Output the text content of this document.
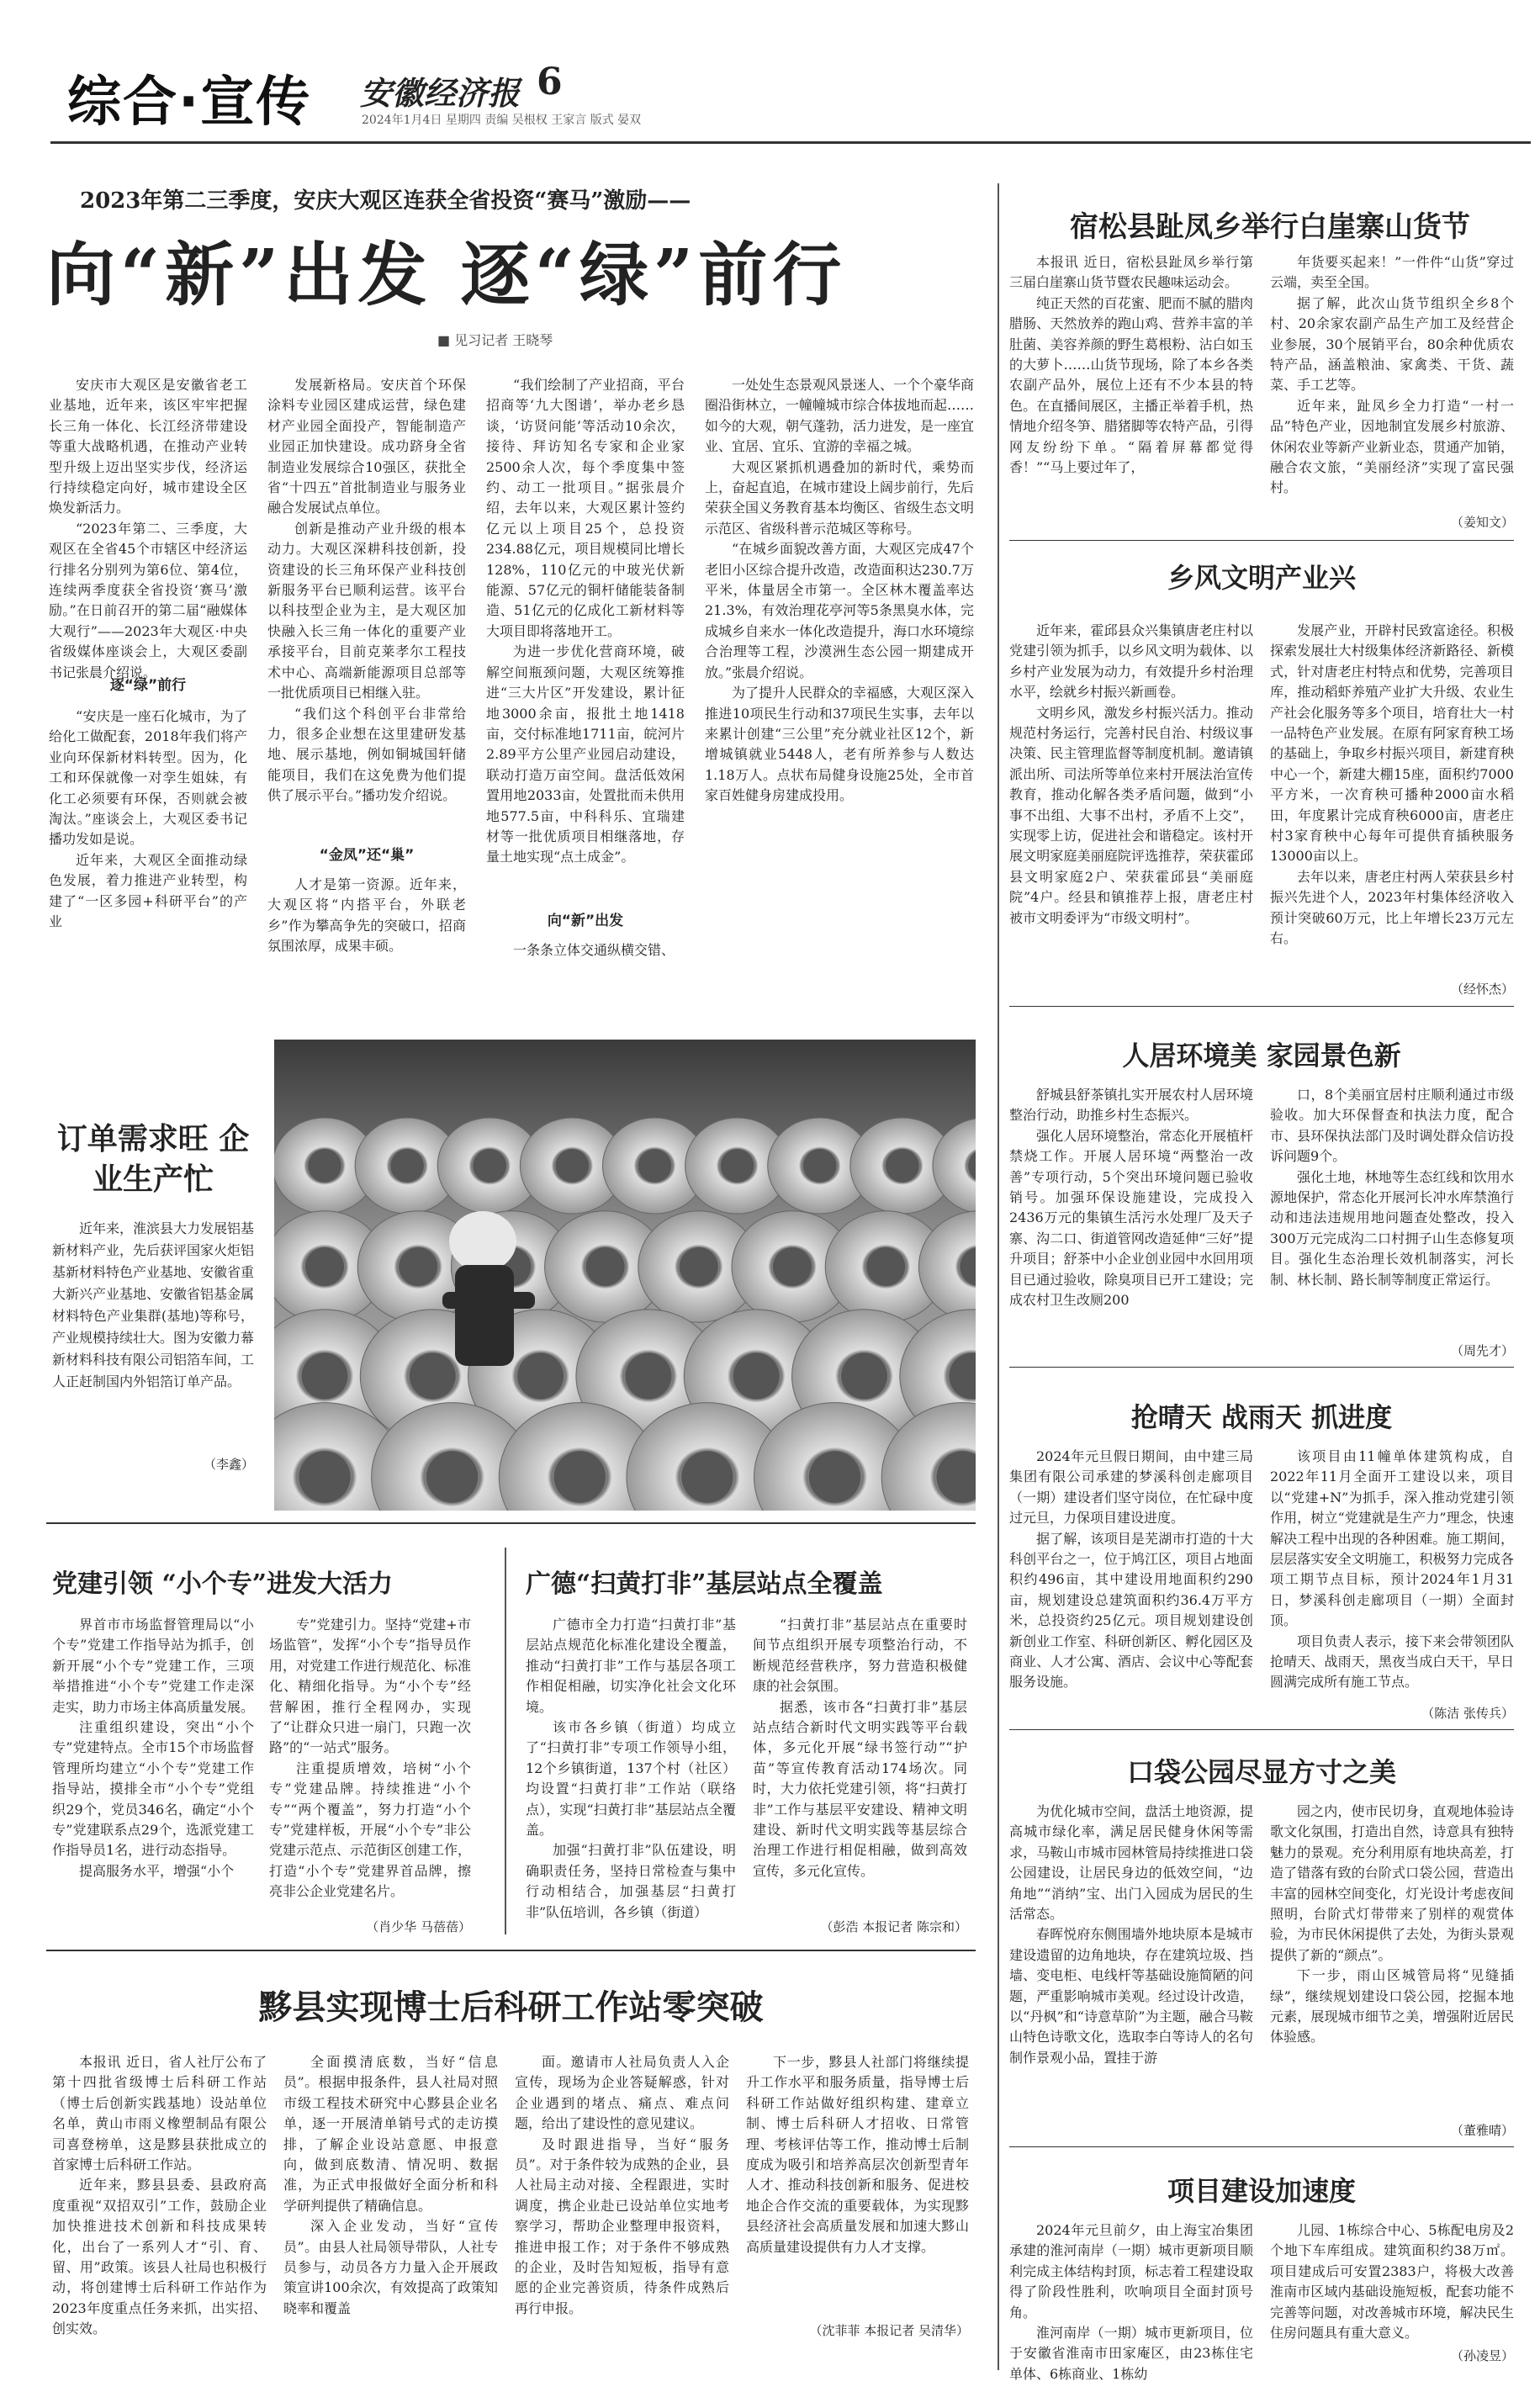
综合·宣传 安徽经济报 6
2024年1月4日 星期四 责编 吴根权 王家言 版式 晏双
2023年第二三季度，安庆大观区连获全省投资“赛马”激励——
向“新”出发 逐“绿”前行
■ 见习记者 王晓琴

安庆市大观区是安徽省老工业基地，近年来，该区牢牢把握长三角一体化、长江经济带建设等重大战略机遇，在推动产业转型升级上迈出坚实步伐，经济运行持续稳定向好，城市建设全区焕发新活力。

“2023年第二、三季度，大观区在全省45个市辖区中经济运行排名分别列为第6位、第4位，连续两季度获全省投资‘赛马’激励。”在日前召开的第二届“融媒体大观行”——2023年大观区·中央省级媒体座谈会上，大观区委副书记张晨介绍说。

逐“绿”前行

“安庆是一座石化城市，为了给化工做配套，2018年我们将产业向环保新材料转型。因为，化工和环保就像一对孪生姐妹，有化工必须要有环保，否则就会被淘汰。”座谈会上，大观区委书记播功发如是说。

近年来，大观区全面推动绿色发展，着力推进产业转型，构建了“一区多园+科研平台”的产业

发展新格局。安庆首个环保涂料专业园区建成运营，绿色建材产业园全面投产，智能制造产业园正加快建设。成功跻身全省制造业发展综合10强区，获批全省“十四五”首批制造业与服务业融合发展试点单位。

创新是推动产业升级的根本动力。大观区深耕科技创新，投资建设的长三角环保产业科技创新服务平台已顺利运营。该平台以科技型企业为主，是大观区加快融入长三角一体化的重要产业承接平台，目前克莱孝尔工程技术中心、高端新能源项目总部等一批优质项目已相继入驻。

“我们这个科创平台非常给力，很多企业想在这里建研发基地、展示基地，例如铜城国轩储能项目，我们在这免费为他们提供了展示平台。”播功发介绍说。

“金凤”还“巢”

人才是第一资源。近年来，大观区将“内搭平台，外联老乡”作为攀高争先的突破口，招商氛围浓厚，成果丰硕。

“我们绘制了产业招商，平台招商等‘九大图谱’，举办老乡恳谈，‘访贤问能’等活动10余次，接待、拜访知名专家和企业家2500余人次，每个季度集中签约、动工一批项目。”据张晨介绍，去年以来，大观区累计签约亿元以上项目25个，总投资234.88亿元，项目规模同比增长128%，110亿元的中玻光伏新能源、57亿元的铜杆储能装备制造、51亿元的亿成化工新材料等大项目即将落地开工。

为进一步优化营商环境，破解空间瓶颈问题，大观区统筹推进“三大片区”开发建设，累计征地3000余亩，报批土地1418亩，交付标准地1711亩，皖河片2.89平方公里产业园启动建设，联动打造万亩空间。盘活低效闲置用地2033亩，处置批而未供用地577.5亩，中科科乐、宜瑞建材等一批优质项目相继落地，存量土地实现“点土成金”。

向“新”出发

一条条立体交通纵横交错、

一处处生态景观风景迷人、一个个豪华商圈沿街林立，一幢幢城市综合体拔地而起……如今的大观，朝气蓬勃，活力进发，是一座宜业、宜居、宜乐、宜游的幸福之城。

大观区紧抓机遇叠加的新时代，乘势而上，奋起直追，在城市建设上阔步前行，先后荣获全国义务教育基本均衡区、省级生态文明示范区、省级科普示范城区等称号。

“在城乡面貌改善方面，大观区完成47个老旧小区综合提升改造，改造面积达230.7万平米，体量居全市第一。全区林木覆盖率达21.3%，有效治理花亭河等5条黑臭水体，完成城乡自来水一体化改造提升，海口水环境综合治理等工程，沙漠洲生态公园一期建成开放。”张晨介绍说。

为了提升人民群众的幸福感，大观区深入推进10项民生行动和37项民生实事，去年以来累计创建“三公里”充分就业社区12个，新增城镇就业5448人，老有所养参与人数达1.18万人。点状布局健身设施25处，全市首家百姓健身房建成投用。

宿松县趾凤乡举行白崖寨山货节

本报讯 近日，宿松县趾凤乡举行第三届白崖寨山货节暨农民趣味运动会。

纯正天然的百花蜜、肥而不腻的腊肉腊肠、天然放养的跑山鸡、营养丰富的羊肚菌、美容养颜的野生葛根粉、沾白如玉的大萝卜……山货节现场，除了本乡各类农副产品外，展位上还有不少本县的特色。在直播间展区，主播正举着手机，热情地介绍冬笋、腊猪脚等农特产品，引得网友纷纷下单。“隔着屏幕都觉得香！”“马上要过年了，

年货要买起来！”一件件“山货”穿过云端，卖至全国。

据了解，此次山货节组织全乡8个村、20余家农副产品生产加工及经营企业参展，30个展销平台，80余种优质农特产品，涵盖粮油、家禽类、干货、蔬菜、手工艺等。

近年来，趾凤乡全力打造“一村一品”特色产业，因地制宜发展乡村旅游、休闲农业等新产业新业态，贯通产加销，融合农文旅，“美丽经济”实现了富民强村。

（姜知文）
乡风文明产业兴

近年来，霍邱县众兴集镇唐老庄村以党建引领为抓手，以乡风文明为载体、以乡村产业发展为动力，有效提升乡村治理水平，绘就乡村振兴新画卷。

文明乡风，激发乡村振兴活力。推动规范村务运行，完善村民自治、村级议事决策、民主管理监督等制度机制。邀请镇派出所、司法所等单位来村开展法治宣传教育，推动化解各类矛盾问题，做到“小事不出组、大事不出村，矛盾不上交”，实现零上访，促进社会和谐稳定。该村开展文明家庭美丽庭院评选推荐，荣获霍邱县文明家庭2户、荣获霍邱县“美丽庭院”4户。经县和镇推荐上报，唐老庄村被市文明委评为“市级文明村”。

发展产业，开辟村民致富途径。积极探索发展壮大村级集体经济新路径、新模式，针对唐老庄村特点和优势，完善项目库，推动稻虾养殖产业扩大升级、农业生产社会化服务等多个项目，培育壮大一村一品特色产业发展。在原有阿家育秧工场的基础上，争取乡村振兴项目，新建育秧中心一个，新建大棚15座，面积约7000平方米，一次育秧可播种2000亩水稻田，年度累计完成育秧6000亩，唐老庄村3家育秧中心每年可提供育插秧服务13000亩以上。

去年以来，唐老庄村两人荣获县乡村振兴先进个人，2023年村集体经济收入预计突破60万元，比上年增长23万元左右。

（经怀杰）
人居环境美 家园景色新

舒城县舒茶镇扎实开展农村人居环境整治行动，助推乡村生态振兴。

强化人居环境整治，常态化开展植杆禁烧工作。开展人居环境“两整治一改善”专项行动，5个突出环境问题已验收销号。加强环保设施建设，完成投入2436万元的集镇生活污水处理厂及天子寨、沟二口、街道管网改造延伸“三好”提升项目；舒茶中小企业创业园中水回用项目已通过验收，除臭项目已开工建设；完成农村卫生改厕200

口，8个美丽宜居村庄顺利通过市级验收。加大环保督查和执法力度，配合市、县环保执法部门及时调处群众信访投诉问题9个。

强化土地，林地等生态红线和饮用水源地保护，常态化开展河长冲水库禁渔行动和违法违规用地问题查处整改，投入300万元完成沟二口村拥子山生态修复项目。强化生态治理长效机制落实，河长制、林长制、路长制等制度正常运行。

（周先才）
抢晴天 战雨天 抓进度

2024年元旦假日期间，由中建三局集团有限公司承建的梦溪科创走廊项目（一期）建设者们坚守岗位，在忙碌中度过元旦，力保项目建设进度。

据了解，该项目是芜湖市打造的十大科创平台之一，位于鸠江区，项目占地面积约496亩，其中建设用地面积约290亩，规划建设总建筑面积约36.4万平方米，总投资约25亿元。项目规划建设创新创业工作室、科研创新区、孵化园区及商业、人才公寓、酒店、会议中心等配套服务设施。

该项目由11幢单体建筑构成，自2022年11月全面开工建设以来，项目以“党建+N”为抓手，深入推动党建引领作用，树立“党建就是生产力”理念，快速解决工程中出现的各种困难。施工期间，层层落实安全文明施工，积极努力完成各项工期节点目标，预计2024年1月31日，梦溪科创走廊项目（一期）全面封顶。

项目负责人表示，接下来会带领团队抢晴天、战雨天，黑夜当成白天干，早日圆满完成所有施工节点。

（陈洁 张传兵）
口袋公园尽显方寸之美

为优化城市空间，盘活土地资源，提高城市绿化率，满足居民健身休闲等需求，马鞍山市城市园林管局持续推进口袋公园建设，让居民身边的低效空间，“边角地”“消纳”宝、出门入园成为居民的生活常态。

春晖悦府东侧围墙外地块原本是城市建设遗留的边角地块，存在建筑垃圾、挡墙、变电柜、电线杆等基础设施简陋的问题，严重影响城市美观。经过设计改造，以“丹枫”和“诗意草阶”为主题，融合马鞍山特色诗歌文化，选取李白等诗人的名句制作景观小品，置挂于游

园之内，使市民切身，直观地体验诗歌文化氛围，打造出自然，诗意具有独特魅力的景观。充分利用原有地块高差，打造了错落有致的台阶式口袋公园，营造出丰富的园林空间变化，灯光设计考虑夜间照明，台阶式灯带带来了别样的观赏体验，为市民休闲提供了去处，为街头景观提供了新的“颜点”。

下一步，雨山区城管局将“见缝插绿”，继续规划建设口袋公园，挖掘本地元素，展现城市细节之美，增强附近居民体验感。

（董雅晴）
项目建设加速度

2024年元旦前夕，由上海宝冶集团承建的淮河南岸（一期）城市更新项目顺利完成主体结构封顶，标志着工程建设取得了阶段性胜利，吹响项目全面封顶号角。

淮河南岸（一期）城市更新项目，位于安徽省淮南市田家庵区，由23栋住宅单体、6栋商业、1栋幼

儿园、1栋综合中心、5栋配电房及2个地下车库组成。建筑面积约38万㎡。项目建成后可安置2383户，将极大改善淮南市区域内基础设施短板，配套功能不完善等问题，对改善城市环境，解决民生住房问题具有重大意义。

（孙凌昱）
订单需求旺 企业生产忙
近年来，淮滨县大力发展铝基新材料产业，先后获评国家火炬铝基新材料特色产业基地、安徽省重大新兴产业基地、安徽省铝基金属材料特色产业集群(基地)等称号，产业规模持续壮大。图为安徽力幕新材料科技有限公司铝箔车间，工人正赶制国内外铝箔订单产品。
（李鑫）
党建引领 “小个专”进发大活力

界首市市场监督管理局以“小个专”党建工作指导站为抓手，创新开展“小个专”党建工作，三项举措推进“小个专”党建工作走深走实，助力市场主体高质量发展。

注重组织建设，突出“小个专”党建特点。全市15个市场监督管理所均建立“小个专”党建工作指导站，摸排全市“小个专”党组织29个，党员346名，确定“小个专”党建联系点29个，选派党建工作指导员1名，进行动态指导。

提高服务水平，增强“小个

专”党建引力。坚持“党建+市场监管”，发挥“小个专”指导员作用，对党建工作进行规范化、标准化、精细化指导。为“小个专”经营解困，推行全程网办，实现了“让群众只进一扇门，只跑一次路”的“一站式”服务。

注重提质增效，培树“小个专”党建品牌。持续推进“小个专”“两个覆盖”，努力打造“小个专”党建样板，开展“小个专”非公党建示范点、示范街区创建工作，打造“小个专”党建界首品牌，擦亮非公企业党建名片。

（肖少华 马蓓蓓）
广德“扫黄打非”基层站点全覆盖

广德市全力打造“扫黄打非”基层站点规范化标准化建设全覆盖，推动“扫黄打非”工作与基层各项工作相促相融，切实净化社会文化环境。

该市各乡镇（街道）均成立了“扫黄打非”专项工作领导小组，12个乡镇街道，137个村（社区）均设置“扫黄打非”工作站（联络点），实现“扫黄打非”基层站点全覆盖。

加强“扫黄打非”队伍建设，明确职责任务，坚持日常检查与集中行动相结合，加强基层“扫黄打非”队伍培训，各乡镇（街道）

“扫黄打非”基层站点在重要时间节点组织开展专项整治行动，不断规范经营秩序，努力营造积极健康的社会氛围。

据悉，该市各“扫黄打非”基层站点结合新时代文明实践等平台载体，多元化开展“绿书签行动”“护苗”等宣传教育活动174场次。同时，大力依托党建引领，将“扫黄打非”工作与基层平安建设、精神文明建设、新时代文明实践等基层综合治理工作进行相促相融，做到高效宣传，多元化宣传。

（彭浩 本报记者 陈宗和）
黟县实现博士后科研工作站零突破

本报讯 近日，省人社厅公布了第十四批省级博士后科研工作站（博士后创新实践基地）设站单位名单，黄山市雨义橡塑制品有限公司喜登榜单，这是黟县获批成立的首家博士后科研工作站。

近年来，黟县县委、县政府高度重视“双招双引”工作，鼓励企业加快推进技术创新和科技成果转化，出台了一系列人才“引、育、留、用”政策。该县人社局也积极行动，将创建博士后科研工作站作为2023年度重点任务来抓，出实招、创实效。

全面摸清底数，当好“信息员”。根据申报条件，县人社局对照市级工程技术研究中心黟县企业名单，逐一开展清单销号式的走访摸排，了解企业设站意愿、申报意向，做到底数清、情况明、数据准，为正式申报做好全面分析和科学研判提供了精确信息。

深入企业发动，当好“宣传员”。由县人社局领导带队，人社专员参与，动员各方力量入企开展政策宣讲100余次，有效提高了政策知晓率和覆盖

面。邀请市人社局负责人入企宣传，现场为企业答疑解惑，针对企业遇到的堵点、痛点、难点问题，给出了建设性的意见建议。

及时跟进指导，当好“服务员”。对于条件较为成熟的企业，县人社局主动对接、全程跟进，实时调度，携企业赴已设站单位实地考察学习，帮助企业整理申报资料，推进申报工作；对于条件不够成熟的企业，及时告知短板，指导有意愿的企业完善资质，待条件成熟后再行申报。

下一步，黟县人社部门将继续提升工作水平和服务质量，指导博士后科研工作站做好组织构建、建章立制、博士后科研人才招收、日常管理、考核评估等工作，推动博士后制度成为吸引和培养高层次创新型青年人才、推动科技创新和服务、促进校地企合作交流的重要载体，为实现黟县经济社会高质量发展和加速大黟山高质量建设提供有力人才支撑。

（沈菲菲 本报记者 吴清华）
